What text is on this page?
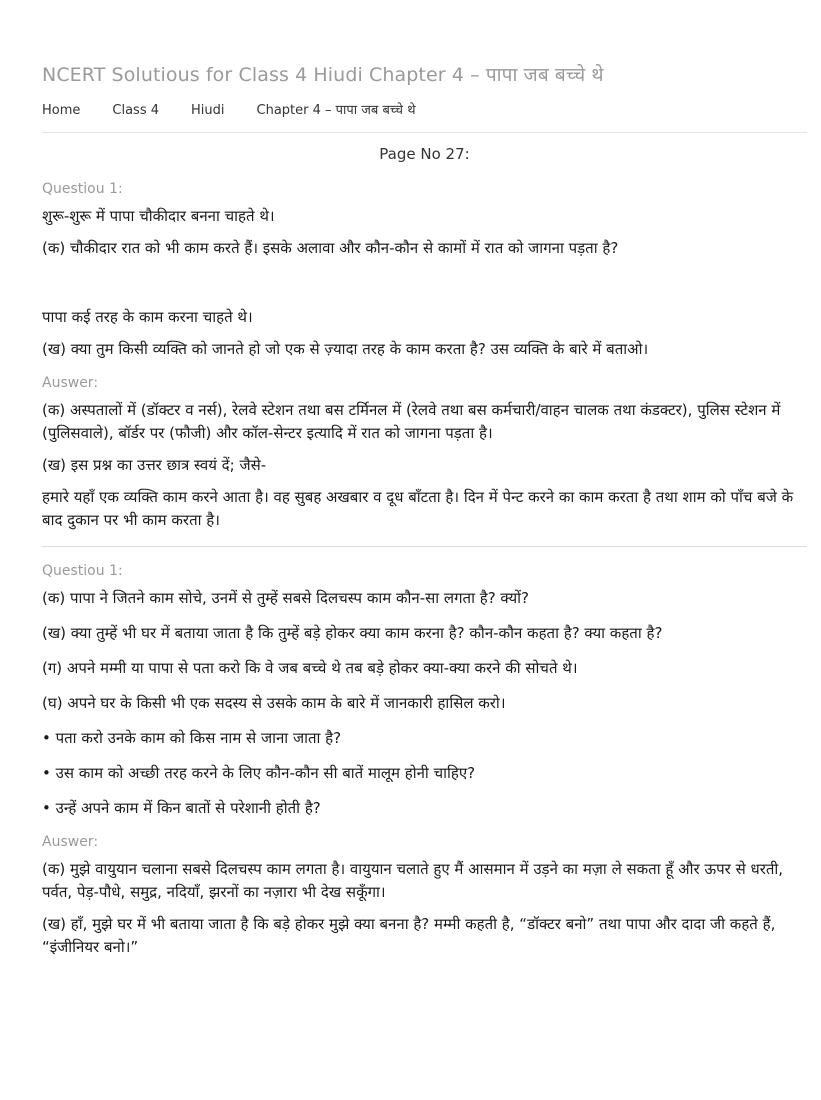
NCERT Solutious for Class 4 Hiudi Chapter 4 – पापा जब बच्चे थे
Home Class 4 Hiudi Chapter 4 – पापा जब बच्चे थे
Page No 27:
Questiou 1:

शुरू-शुरू में पापा चौकीदार बनना चाहते थे।

(क) चौकीदार रात को भी काम करते हैं। इसके अलावा और कौन-कौन से कामों में रात को जागना पड़ता है?

पापा कई तरह के काम करना चाहते थे।

(ख) क्या तुम किसी व्यक्ति को जानते हो जो एक से ज़्यादा तरह के काम करता है? उस व्यक्ति के बारे में बताओ।

Auswer:

(क) अस्पतालों में (डॉक्टर व नर्स), रेलवे स्टेशन तथा बस टर्मिनल में (रेलवे तथा बस कर्मचारी/वाहन चालक तथा कंडक्टर), पुलिस स्टेशन में (पुलिसवाले), बॉर्डर पर (फौजी) और कॉल-सेन्टर इत्यादि में रात को जागना पड़ता है।

(ख) इस प्रश्न का उत्तर छात्र स्वयं दें; जैसे-

हमारे यहाँ एक व्यक्ति काम करने आता है। वह सुबह अखबार व दूध बाँटता है। दिन में पेन्ट करने का काम करता है तथा शाम को पाँच बजे के बाद दुकान पर भी काम करता है।

Questiou 1:

(क) पापा ने जितने काम सोचे, उनमें से तुम्हें सबसे दिलचस्प काम कौन-सा लगता है? क्यों?

(ख) क्या तुम्हें भी घर में बताया जाता है कि तुम्हें बड़े होकर क्या काम करना है? कौन-कौन कहता है? क्या कहता है?

(ग) अपने मम्मी या पापा से पता करो कि वे जब बच्चे थे तब बड़े होकर क्या-क्या करने की सोचते थे।

(घ) अपने घर के किसी भी एक सदस्य से उसके काम के बारे में जानकारी हासिल करो।

• पता करो उनके काम को किस नाम से जाना जाता है?

• उस काम को अच्छी तरह करने के लिए कौन-कौन सी बातें मालूम होनी चाहिए?

• उन्हें अपने काम में किन बातों से परेशानी होती है?

Auswer:

(क) मुझे वायुयान चलाना सबसे दिलचस्प काम लगता है। वायुयान चलाते हुए मैं आसमान में उड़ने का मज़ा ले सकता हूँ और ऊपर से धरती, पर्वत, पेड़-पौधे, समुद्र, नदियाँ, झरनों का नज़ारा भी देख सकूँगा।

(ख) हाँ, मुझे घर में भी बताया जाता है कि बड़े होकर मुझे क्या बनना है? मम्मी कहती है, “डॉक्टर बनो” तथा पापा और दादा जी कहते हैं, “इंजीनियर बनो।”
